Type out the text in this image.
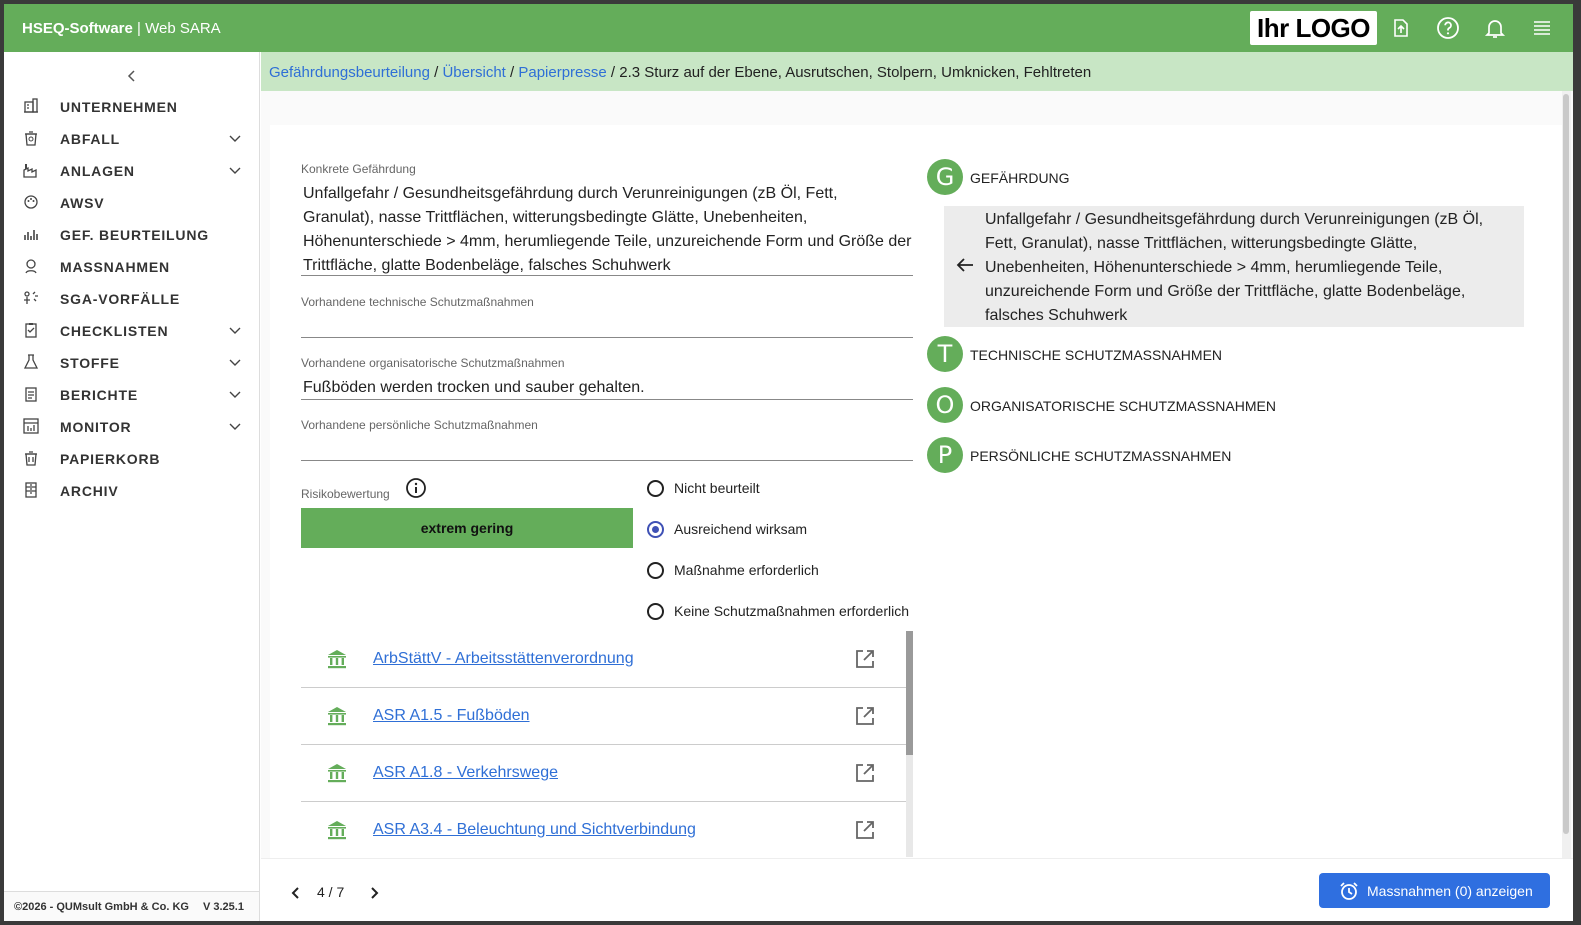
HSEQ-Software | Web SARA	Ihr LOGO
UNTERNEHMEN
ABFALL
ANLAGEN
AWSV
GEF. BEURTEILUNG
MASSNAHMEN
SGA-VORFÄLLE
CHECKLISTEN
STOFFE
BERICHTE
MONITOR
PAPIERKORB
ARCHIV
©2026 - QUMsult GmbH & Co. KG V 3.25.1
Gefährdungsbeurteilung / Übersicht / Papierpresse / 2.3 Sturz auf der Ebene, Ausrutschen, Stolpern, Umknicken, Fehltreten
Konkrete Gefährdung
Unfallgefahr / Gesundheitsgefährdung durch Verunreinigungen (zB Öl, Fett, Granulat), nasse Trittflächen, witterungsbedingte Glätte, Unebenheiten, Höhenunterschiede > 4mm, herumliegende Teile, unzureichende Form und Größe der Trittfläche, glatte Bodenbeläge, falsches Schuhwerk
Vorhandene technische Schutzmaßnahmen
Vorhandene organisatorische Schutzmaßnahmen
Fußböden werden trocken und sauber gehalten.
Vorhandene persönliche Schutzmaßnahmen
Risikobewertung
extrem gering
Nicht beurteilt
Ausreichend wirksam
Maßnahme erforderlich
Keine Schutzmaßnahmen erforderlich
ArbStättV - Arbeitsstättenverordnung
ASR A1.5 - Fußböden
ASR A1.8 - Verkehrswege
ASR A3.4 - Beleuchtung und Sichtverbindung
G	GEFÄHRDUNG
Unfallgefahr / Gesundheitsgefährdung durch Verunreinigungen (zB Öl, Fett, Granulat), nasse Trittflächen, witterungsbedingte Glätte, Unebenheiten, Höhenunterschiede > 4mm, herumliegende Teile, unzureichende Form und Größe der Trittfläche, glatte Bodenbeläge, falsches Schuhwerk
T	TECHNISCHE SCHUTZMASSNAHMEN
O	ORGANISATORISCHE SCHUTZMASSNAHMEN
P	PERSÖNLICHE SCHUTZMASSNAHMEN
4 / 7	Massnahmen (0) anzeigen
